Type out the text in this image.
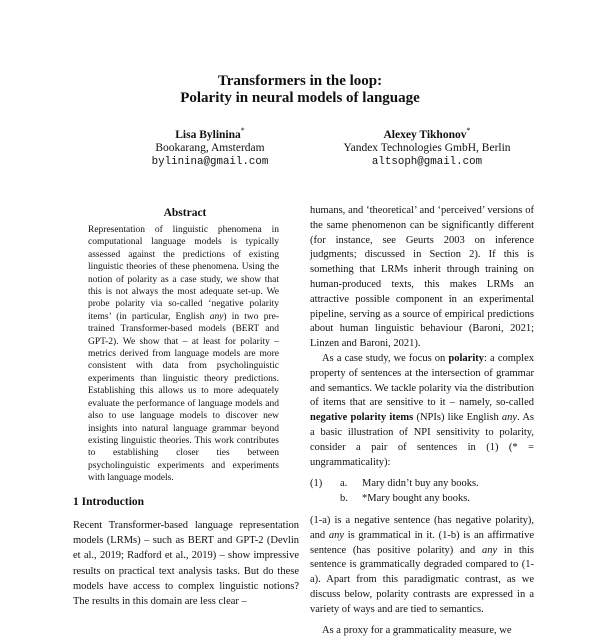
Transformers in the loop:
Polarity in neural models of language
Lisa Bylinina*
Bookarang, Amsterdam
bylinina@gmail.com
Alexey Tikhonov*
Yandex Technologies GmbH, Berlin
altsoph@gmail.com
Abstract
Representation of linguistic phenomena in computational language models is typically assessed against the predictions of existing linguistic theories of these phenomena. Using the notion of polarity as a case study, we show that this is not always the most adequate set-up. We probe polarity via so-called ‘negative polarity items’ (in particular, English any) in two pre-trained Transformer-based models (BERT and GPT-2). We show that – at least for polarity – metrics derived from language models are more consistent with data from psycholinguistic experiments than linguistic theory predictions. Establishing this allows us to more adequately evaluate the performance of language models and also to use language models to discover new insights into natural language grammar beyond existing linguistic theories. This work contributes to establishing closer ties between psycholinguistic experiments and experiments with language models.
1 Introduction
Recent Transformer-based language representation models (LRMs) – such as BERT and GPT-2 (Devlin et al., 2019; Radford et al., 2019) – show impressive results on practical text analysis tasks. But do these models have access to complex linguistic notions? The results in this domain are less clear –

humans, and ‘theoretical’ and ‘perceived’ versions of the same phenomenon can be significantly different (for instance, see Geurts 2003 on inference judgments; discussed in Section 2). If this is something that LRMs inherit through training on human-produced texts, this makes LRMs an attractive possible component in an experimental pipeline, serving as a source of empirical predictions about human linguistic behaviour (Baroni, 2021; Linzen and Baroni, 2021).

As a case study, we focus on polarity: a complex property of sentences at the intersection of grammar and semantics. We tackle polarity via the distribution of items that are sensitive to it – namely, so-called negative polarity items (NPIs) like English any. As a basic illustration of NPI sensitivity to polarity, consider a pair of sentences in (1) (* = ungrammaticality):

(1)	a.	Mary didn’t buy any books.
b.	*Mary bought any books.

(1-a) is a negative sentence (has negative polarity), and any is grammatical in it. (1-b) is an affirmative sentence (has positive polarity) and any in this sentence is grammatically degraded compared to (1-a). Apart from this paradigmatic contrast, as we discuss below, polarity contrasts are expressed in a variety of ways and are tied to semantics.

As a proxy for a grammaticality measure, we
